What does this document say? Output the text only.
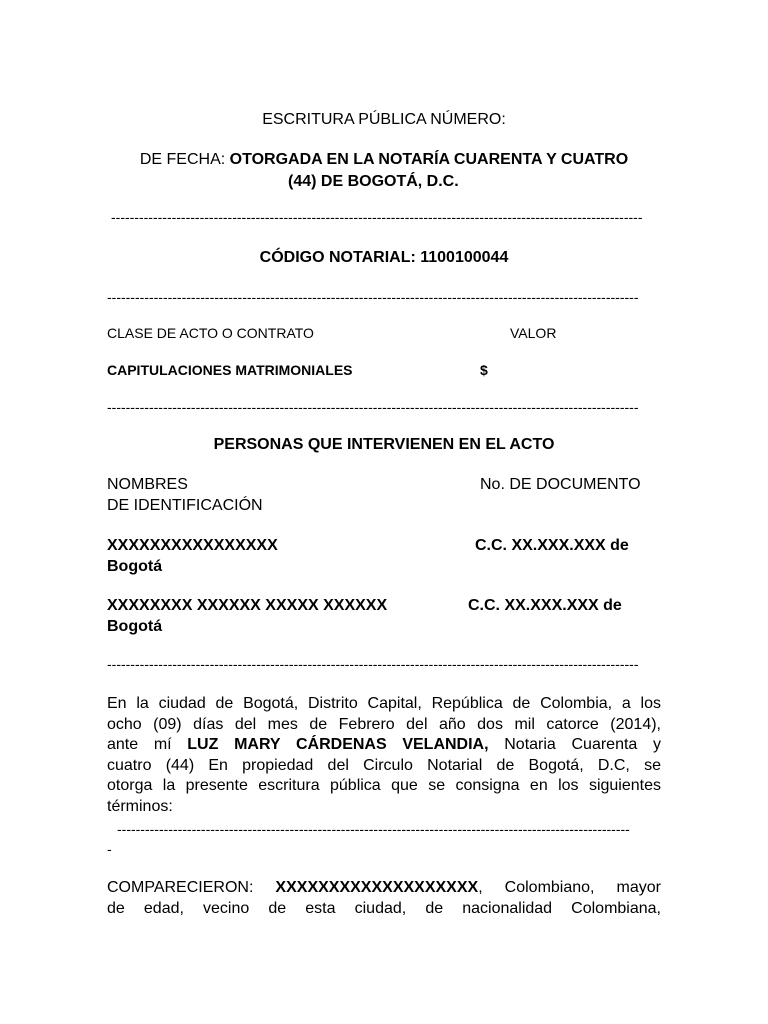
ESCRITURA PÚBLICA NÚMERO:
DE FECHA: OTORGADA EN LA NOTARÍA CUARENTA Y CUATRO
(44) DE BOGOTÁ, D.C.
------------------------------------------------------------------------------------------------------------------
CÓDIGO NOTARIAL: 1100100044
------------------------------------------------------------------------------------------------------------------
CLASE DE ACTO O CONTRATO	VALOR
CAPITULACIONES MATRIMONIALES	$
------------------------------------------------------------------------------------------------------------------
PERSONAS QUE INTERVIENEN EN EL ACTO
NOMBRES	No. DE DOCUMENTO
DE IDENTIFICACIÓN
XXXXXXXXXXXXXXXX	C.C. XX.XXX.XXX de
Bogotá
XXXXXXXX XXXXXX XXXXX XXXXXX	C.C. XX.XXX.XXX de
Bogotá
------------------------------------------------------------------------------------------------------------------
En la ciudad de Bogotá, Distrito Capital, República de Colombia, a los
ocho (09) días del mes de Febrero del año dos mil catorce (2014),
ante mí LUZ MARY CÁRDENAS VELANDIA, Notaria Cuarenta y
cuatro (44) En propiedad del Circulo Notarial de Bogotá, D.C, se
otorga la presente escritura pública que se consigna en los siguientes
términos:
--------------------------------------------------------------------------------------------------------------
-
COMPARECIERON: XXXXXXXXXXXXXXXXXXX, Colombiano, mayor
de edad, vecino de esta ciudad, de nacionalidad Colombiana,
